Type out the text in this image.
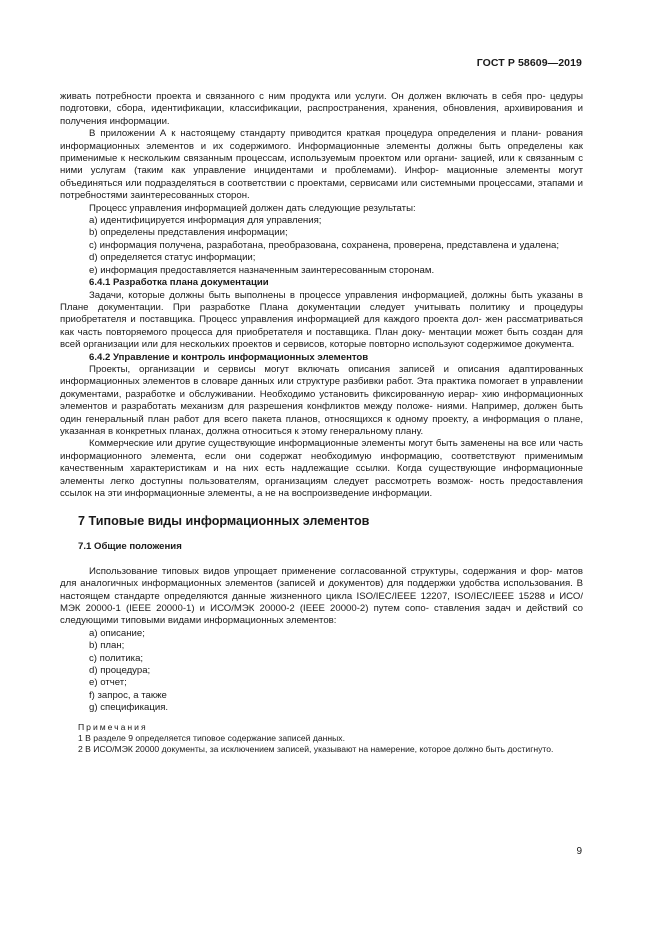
ГОСТ Р 58609—2019

живать потребности проекта и связанного с ним продукта или услуги. Он должен включать в себя про- цедуры подготовки, сбора, идентификации, классификации, распространения, хранения, обновления, архивирования и получения информации.

В приложении А к настоящему стандарту приводится краткая процедура определения и плани- рования информационных элементов и их содержимого. Информационные элементы должны быть определены как применимые к нескольким связанным процессам, используемым проектом или органи- зацией, или к связанным с ними услугам (таким как управление инцидентами и проблемами). Инфор- мационные элементы могут объединяться или подразделяться в соответствии с проектами, сервисами или системными процессами, этапами и потребностями заинтересованных сторон.

Процесс управления информацией должен дать следующие результаты:

a) идентифицируется информация для управления;

b) определены представления информации;

c) информация получена, разработана, преобразована, сохранена, проверена, представлена и удалена;

d) определяется статус информации;

e) информация предоставляется назначенным заинтересованным сторонам.

6.4.1 Разработка плана документации

Задачи, которые должны быть выполнены в процессе управления информацией, должны быть указаны в Плане документации. При разработке Плана документации следует учитывать политику и процедуры приобретателя и поставщика. Процесс управления информацией для каждого проекта дол- жен рассматриваться как часть повторяемого процесса для приобретателя и поставщика. План доку- ментации может быть создан для всей организации или для нескольких проектов и сервисов, которые повторно используют содержимое документа.

6.4.2 Управление и контроль информационных элементов

Проекты, организации и сервисы могут включать описания записей и описания адаптированных информационных элементов в словаре данных или структуре разбивки работ. Эта практика помогает в управлении документами, разработке и обслуживании. Необходимо установить фиксированную иерар- хию информационных элементов и разработать механизм для разрешения конфликтов между положе- ниями. Например, должен быть один генеральный план работ для всего пакета планов, относящихся к одному проекту, а информация о плане, указанная в конкретных планах, должна относиться к этому генеральному плану.

Коммерческие или другие существующие информационные элементы могут быть заменены на все или часть информационного элемента, если они содержат необходимую информацию, соответствуют применимым качественным характеристикам и на них есть надлежащие ссылки. Когда существующие информационные элементы легко доступны пользователям, организациям следует рассмотреть возмож- ность предоставления ссылок на эти информационные элементы, а не на воспроизведение информации.

7 Типовые виды информационных элементов
7.1 Общие положения

Использование типовых видов упрощает применение согласованной структуры, содержания и фор- матов для аналогичных информационных элементов (записей и документов) для поддержки удобства использования. В настоящем стандарте определяются данные жизненного цикла ISO/IEC/IEEE 12207, ISO/IEC/IEEE 15288 и ИСО/МЭК 20000-1 (IEEE 20000-1) и ИСО/МЭК 20000-2 (IEEE 20000-2) путем сопо- ставления задач и действий со следующими типовыми видами информационных элементов:

a) описание;

b) план;

c) политика;

d) процедура;

e) отчет;

f) запрос, а также

g) спецификация.

Примечания

1 В разделе 9 определяется типовое содержание записей данных.

2 В ИСО/МЭК 20000 документы, за исключением записей, указывают на намерение, которое должно быть достигнуто.

9
